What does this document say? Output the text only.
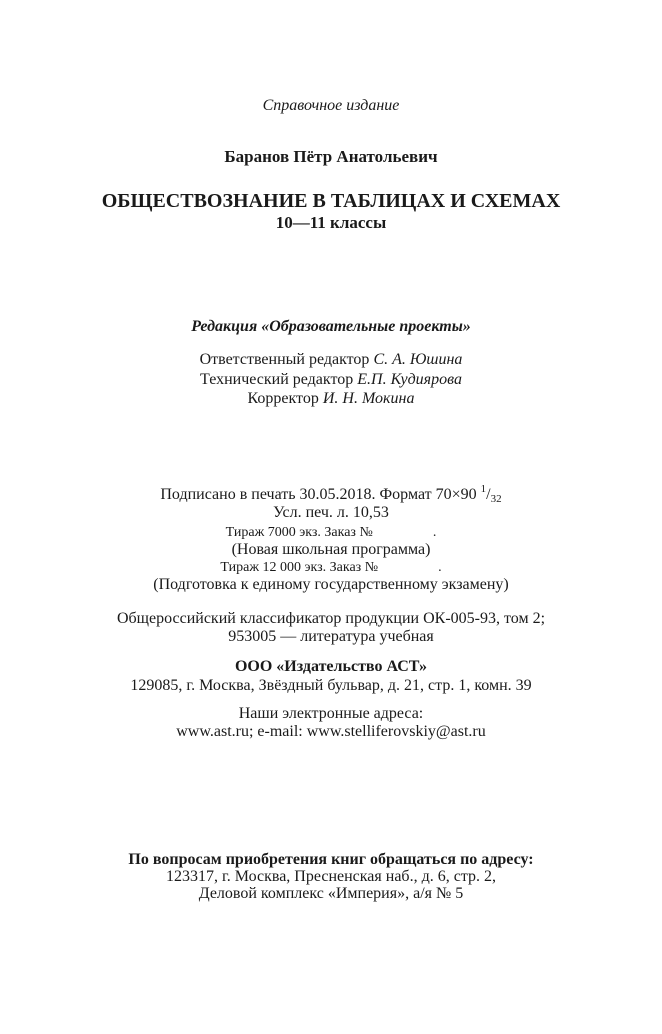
Справочное издание
Баранов Пётр Анатольевич
ОБЩЕСТВОЗНАНИЕ В ТАБЛИЦАХ И СХЕМАХ
10—11 классы
Редакция «Образовательные проекты»
Ответственный редактор С. А. Юшина
Технический редактор Е.П. Кудиярова
Корректор И. Н. Мокина
Подписано в печать 30.05.2018. Формат 70×90 $^1$/32
Усл. печ. л. 10,53
Тираж 7000 экз. Заказ №	.
(Новая школьная программа)
Тираж 12 000 экз. Заказ №	.
(Подготовка к единому государственному экзамену)
Общероссийский классификатор продукции ОК-005-93, том 2;
953005 — литература учебная
ООО «Издательство АСТ»
129085, г. Москва, Звёздный бульвар, д. 21, стр. 1, комн. 39
Наши электронные адреса:
www.ast.ru; e-mail: www.stelliferovskiy@ast.ru
По вопросам приобретения книг обращаться по адресу:
123317, г. Москва, Пресненская наб., д. 6, стр. 2,
Деловой комплекс «Империя», а/я № 5
